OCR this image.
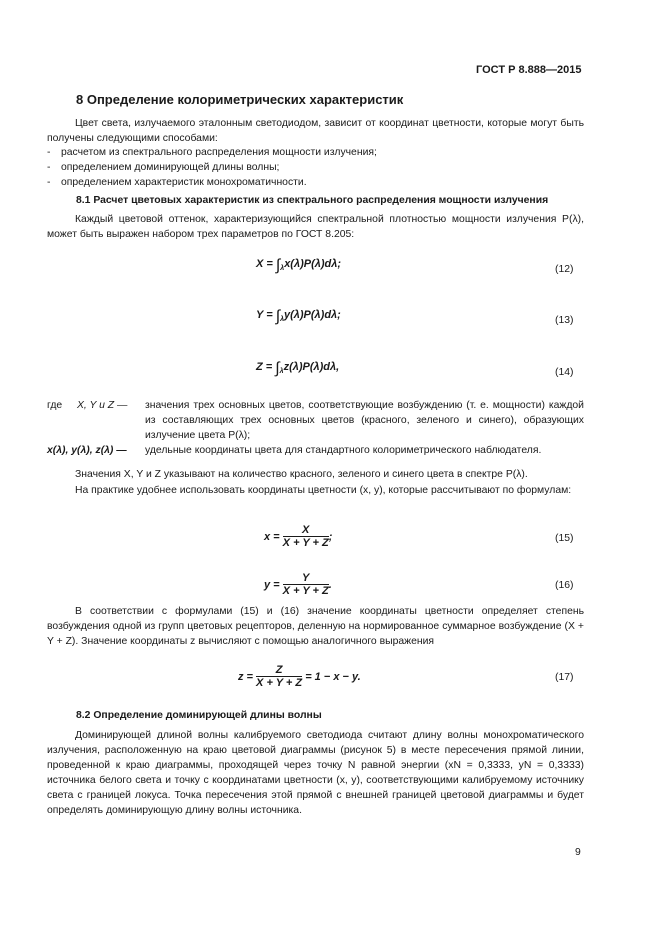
ГОСТ Р 8.888—2015
8 Определение колориметрических характеристик
Цвет света, излучаемого эталонным светодиодом, зависит от координат цветности, которые могут быть получены следующими способами:
- расчетом из спектрального распределения мощности излучения;
- определением доминирующей длины волны;
- определением характеристик монохроматичности.
8.1 Расчет цветовых характеристик из спектрального распределения мощности излучения
Каждый цветовой оттенок, характеризующийся спектральной плотностью мощности излучения P(λ), может быть выражен набором трех параметров по ГОСТ 8.205:
$X = \int_\lambda x(\lambda)P(\lambda)d\lambda$;	(12)
$Y = \int_\lambda y(\lambda)P(\lambda)d\lambda$;	(13)
$Z = \int_\lambda z(\lambda)P(\lambda)d\lambda$,	(14)
где X, Y и Z — значения трех основных цветов, соответствующие возбуждению (т. е. мощности) каждой из составляющих трех основных цветов (красного, зеленого и синего), образующих излучение цвета P(λ);
x(λ), y(λ), z(λ) — удельные координаты цвета для стандартного колориметрического наблюдателя.
Значения X, Y и Z указывают на количество красного, зеленого и синего цвета в спектре P(λ).
На практике удобнее использовать координаты цветности (x, y), которые рассчитывают по формулам:
$x = \frac{X}{X + Y + Z}$ ;	(15)
$y = \frac{Y}{X + Y + Z}$ .	(16)
В соответствии с формулами (15) и (16) значение координаты цветности определяет степень возбуждения одной из групп цветовых рецепторов, деленную на нормированное суммарное возбуждение (X + Y + Z). Значение координаты z вычисляют с помощью аналогичного выражения
$z = \frac{Z}{X + Y + Z} = 1 - x - y$.	(17)
8.2 Определение доминирующей длины волны
Доминирующей длиной волны калибруемого светодиода считают длину волны монохроматического излучения, расположенную на краю цветовой диаграммы (рисунок 5) в месте пересечения прямой линии, проведенной к краю диаграммы, проходящей через точку N равной энергии (xN = 0,3333, yN = 0,3333) источника белого света и точку с координатами цветности (x, y), соответствующими калибруемому источнику света с границей локуса. Точка пересечения этой прямой с внешней границей цветовой диаграммы и будет определять доминирующую длину волны источника.
9
